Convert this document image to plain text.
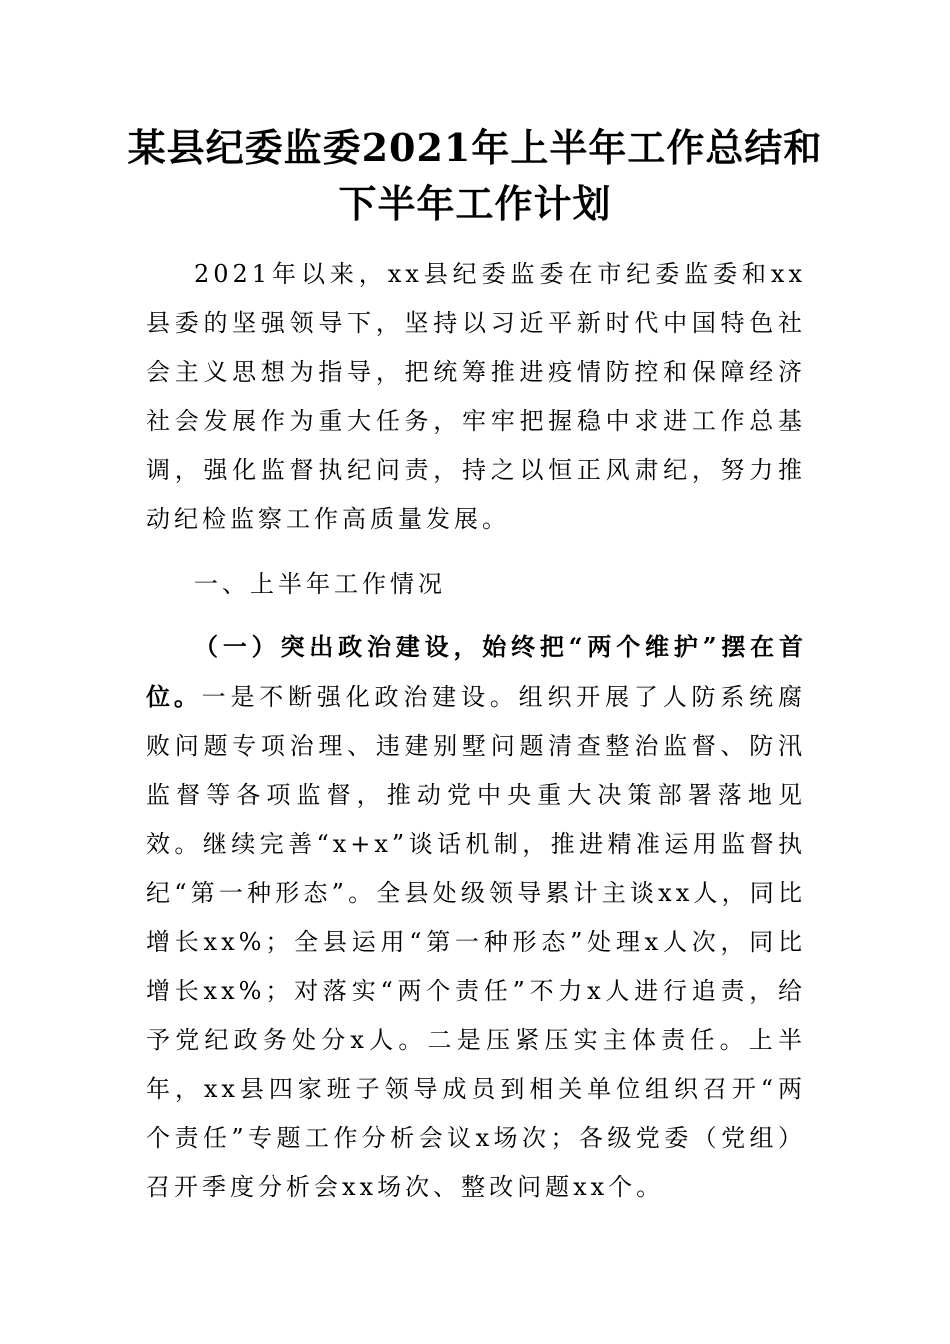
某县纪委监委2021年上半年工作总结和下半年工作计划
2021年以来，xx县纪委监委在市纪委监委和xx县委的坚强领导下，坚持以习近平新时代中国特色社会主义思想为指导，把统筹推进疫情防控和保障经济社会发展作为重大任务，牢牢把握稳中求进工作总基调，强化监督执纪问责，持之以恒正风肃纪，努力推动纪检监察工作高质量发展。
一、上半年工作情况
（一）突出政治建设，始终把“两个维护”摆在首位。一是不断强化政治建设。组织开展了人防系统腐败问题专项治理、违建别墅问题清查整治监督、防汛监督等各项监督，推动党中央重大决策部署落地见效。继续完善“x+x”谈话机制，推进精准运用监督执纪“第一种形态”。全县处级领导累计主谈xx人，同比增长xx%；全县运用“第一种形态”处理x人次，同比增长xx%；对落实“两个责任”不力x人进行追责，给予党纪政务处分x人。二是压紧压实主体责任。上半年，xx县四家班子领导成员到相关单位组织召开“两个责任”专题工作分析会议x场次；各级党委（党组）召开季度分析会xx场次、整改问题xx个。
